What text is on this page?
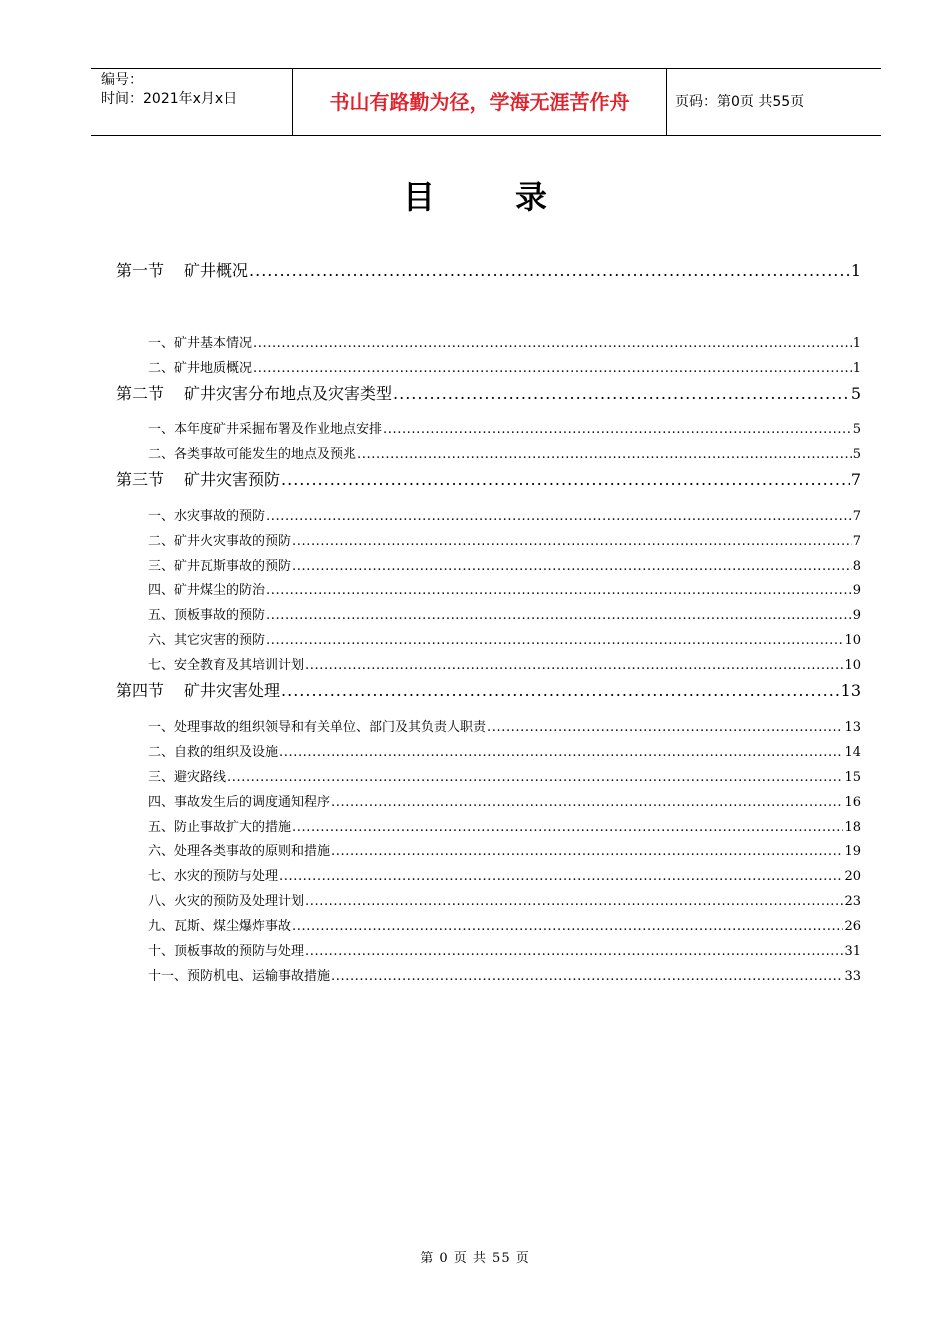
编号：
时间：2021年x月x日	书山有路勤为径，学海无涯苦作舟	页码：第0页 共55页
目录
第一节 矿井概况 .....	1
一、矿井基本情况 .....	1
二、矿井地质概况 .....	1
第二节 矿井灾害分布地点及灾害类型 .....	5
一、本年度矿井采掘布署及作业地点安排 .....	5
二、各类事故可能发生的地点及预兆 .....	5
第三节 矿井灾害预防 .....	7
一、水灾事故的预防 .....	7
二、矿井火灾事故的预防 .....	7
三、矿井瓦斯事故的预防 .....	8
四、矿井煤尘的防治 .....	9
五、顶板事故的预防 .....	9
六、其它灾害的预防 .....	10
七、安全教育及其培训计划 .....	10
第四节 矿井灾害处理 .....	13
一、处理事故的组织领导和有关单位、部门及其负责人职责 .....	13
二、自救的组织及设施 .....	14
三、避灾路线 .....	15
四、事故发生后的调度通知程序 .....	16
五、防止事故扩大的措施 .....	18
六、处理各类事故的原则和措施 .....	19
七、水灾的预防与处理 .....	20
八、火灾的预防及处理计划 .....	23
九、瓦斯、煤尘爆炸事故 .....	26
十、顶板事故的预防与处理 .....	31
十一、预防机电、运输事故措施 .....	33
第 0 页 共 55 页
